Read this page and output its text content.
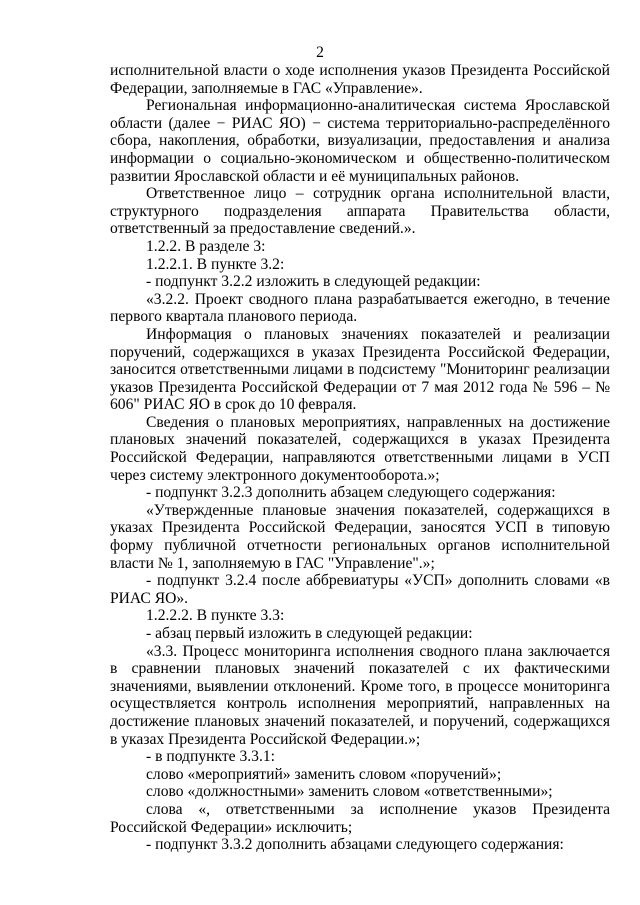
2

исполнительной власти о ходе исполнения указов Президента Российской Федерации, заполняемые в ГАС «Управление».

Региональная информационно-аналитическая система Ярославской области (далее − РИАС ЯО) − система территориально-распределённого сбора, накопления, обработки, визуализации, предоставления и анализа информации о социально-экономическом и общественно-политическом развитии Ярославской области и её муниципальных районов.

Ответственное лицо – сотрудник органа исполнительной власти, структурного подразделения аппарата Правительства области, ответственный за предоставление сведений.».

1.2.2. В разделе 3:

1.2.2.1. В пункте 3.2:

- подпункт 3.2.2 изложить в следующей редакции:

«3.2.2. Проект сводного плана разрабатывается ежегодно, в течение первого квартала планового периода.

Информация о плановых значениях показателей и реализации поручений, содержащихся в указах Президента Российской Федерации, заносится ответственными лицами в подсистему "Мониторинг реализации указов Президента Российской Федерации от 7 мая 2012 года № 596 – № 606" РИАС ЯО в срок до 10 февраля.

Сведения о плановых мероприятиях, направленных на достижение плановых значений показателей, содержащихся в указах Президента Российской Федерации, направляются ответственными лицами в УСП через систему электронного документооборота.»;

- подпункт 3.2.3 дополнить абзацем следующего содержания:

«Утвержденные плановые значения показателей, содержащихся в указах Президента Российской Федерации, заносятся УСП в типовую форму публичной отчетности региональных органов исполнительной власти № 1, заполняемую в ГАС "Управление".»;

- подпункт 3.2.4 после аббревиатуры «УСП» дополнить словами «в РИАС ЯО».

1.2.2.2. В пункте 3.3:

- абзац первый изложить в следующей редакции:

«3.3. Процесс мониторинга исполнения сводного плана заключается в сравнении плановых значений показателей с их фактическими значениями, выявлении отклонений. Кроме того, в процессе мониторинга осуществляется контроль исполнения мероприятий, направленных на достижение плановых значений показателей, и поручений, содержащихся в указах Президента Российской Федерации.»;

- в подпункте 3.3.1:

слово «мероприятий» заменить словом «поручений»;

слово «должностными» заменить словом «ответственными»;

слова «, ответственными за исполнение указов Президента Российской Федерации» исключить;

- подпункт 3.3.2 дополнить абзацами следующего содержания:
